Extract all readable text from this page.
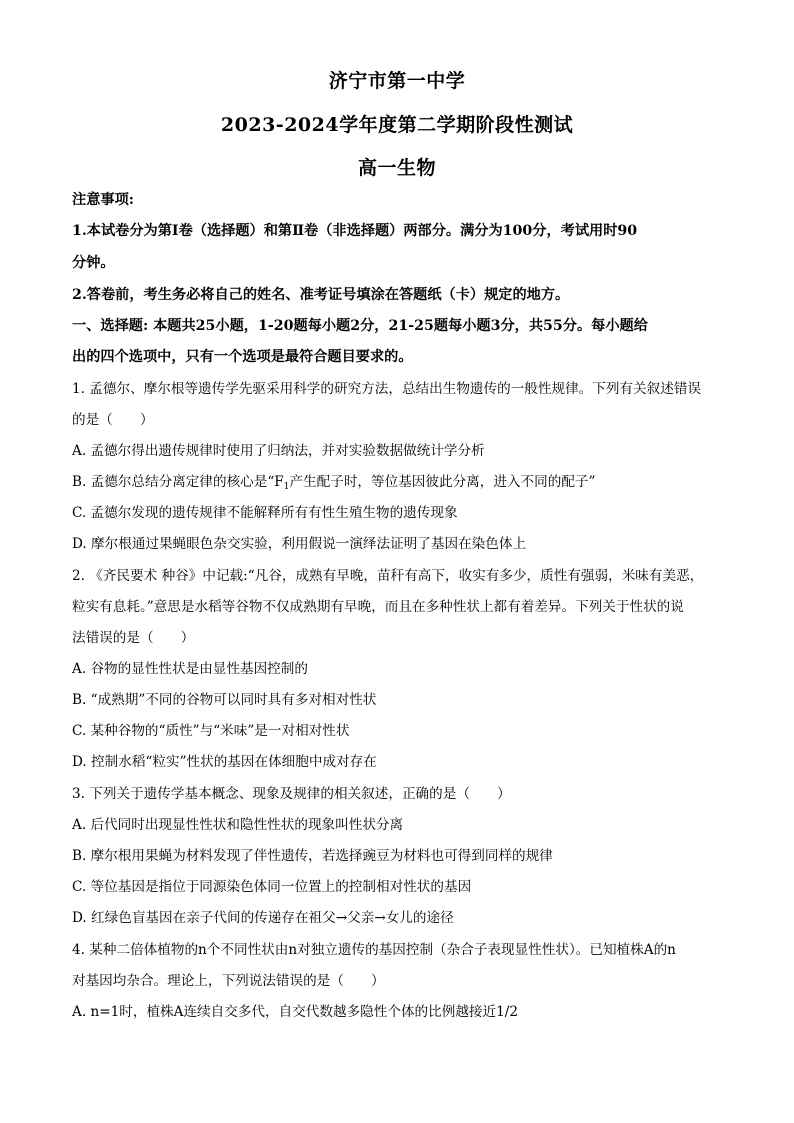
济宁市第一中学
2023-2024学年度第二学期阶段性测试
高一生物
注意事项:
1.本试卷分为第Ⅰ卷（选择题）和第Ⅱ卷（非选择题）两部分。满分为100分，考试用时90
分钟。
2.答卷前，考生务必将自己的姓名、准考证号填涂在答题纸（卡）规定的地方。
一、选择题: 本题共25小题，1-20题每小题2分，21-25题每小题3分，共55分。每小题给
出的四个选项中，只有一个选项是最符合题目要求的。
1. 孟德尔、摩尔根等遗传学先驱采用科学的研究方法，总结出生物遗传的一般性规律。下列有关叙述错误
的是（　　）
A. 孟德尔得出遗传规律时使用了归纳法，并对实验数据做统计学分析
B. 孟德尔总结分离定律的核心是“$F_1$产生配子时，等位基因彼此分离，进入不同的配子”
C. 孟德尔发现的遗传规律不能解释所有有性生殖生物的遗传现象
D. 摩尔根通过果蝇眼色杂交实验，利用假说一演绎法证明了基因在染色体上
2. 《齐民要术 种谷》中记载:“凡谷，成熟有早晚，苗秆有高下，收实有多少，质性有强弱，米味有美恶，
粒实有息耗。”意思是水稻等谷物不仅成熟期有早晚，而且在多种性状上都有着差异。下列关于性状的说
法错误的是（　　）
A. 谷物的显性性状是由显性基因控制的
B. “成熟期”不同的谷物可以同时具有多对相对性状
C. 某种谷物的“质性”与“米味”是一对相对性状
D. 控制水稻“粒实”性状的基因在体细胞中成对存在
3. 下列关于遗传学基本概念、现象及规律的相关叙述，正确的是（　　）
A. 后代同时出现显性性状和隐性性状的现象叫性状分离
B. 摩尔根用果蝇为材料发现了伴性遗传，若选择豌豆为材料也可得到同样的规律
C. 等位基因是指位于同源染色体同一位置上的控制相对性状的基因
D. 红绿色盲基因在亲子代间的传递存在祖父→父亲→女儿的途径
4. 某种二倍体植物的n个不同性状由n对独立遗传的基因控制（杂合子表现显性性状）。已知植株A的n
对基因均杂合。理论上，下列说法错误的是（　　）
A. n=1时，植株A连续自交多代，自交代数越多隐性个体的比例越接近1/2
